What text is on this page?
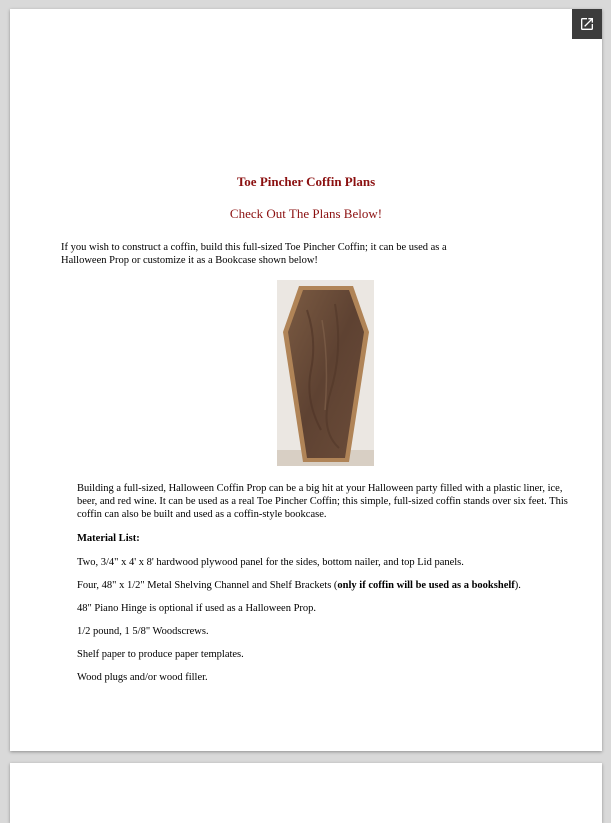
Toe Pincher Coffin Plans
Check Out The Plans Below!
If you wish to construct a coffin, build this full-sized Toe Pincher Coffin; it can be used as a Halloween Prop or customize it as a Bookcase shown below!

Building a full-sized, Halloween Coffin Prop can be a big hit at your Halloween party filled with a plastic liner, ice, beer, and red wine. It can be used as a real Toe Pincher Coffin; this simple, full-sized coffin stands over six feet. This coffin can also be built and used as a coffin-style bookcase.

Material List:

Two, 3/4" x 4' x 8' hardwood plywood panel for the sides, bottom nailer, and top Lid panels.

Four, 48" x 1/2" Metal Shelving Channel and Shelf Brackets (only if coffin will be used as a bookshelf).

48" Piano Hinge is optional if used as a Halloween Prop.

1/2 pound, 1 5/8" Woodscrews.

Shelf paper to produce paper templates.

Wood plugs and/or wood filler.
